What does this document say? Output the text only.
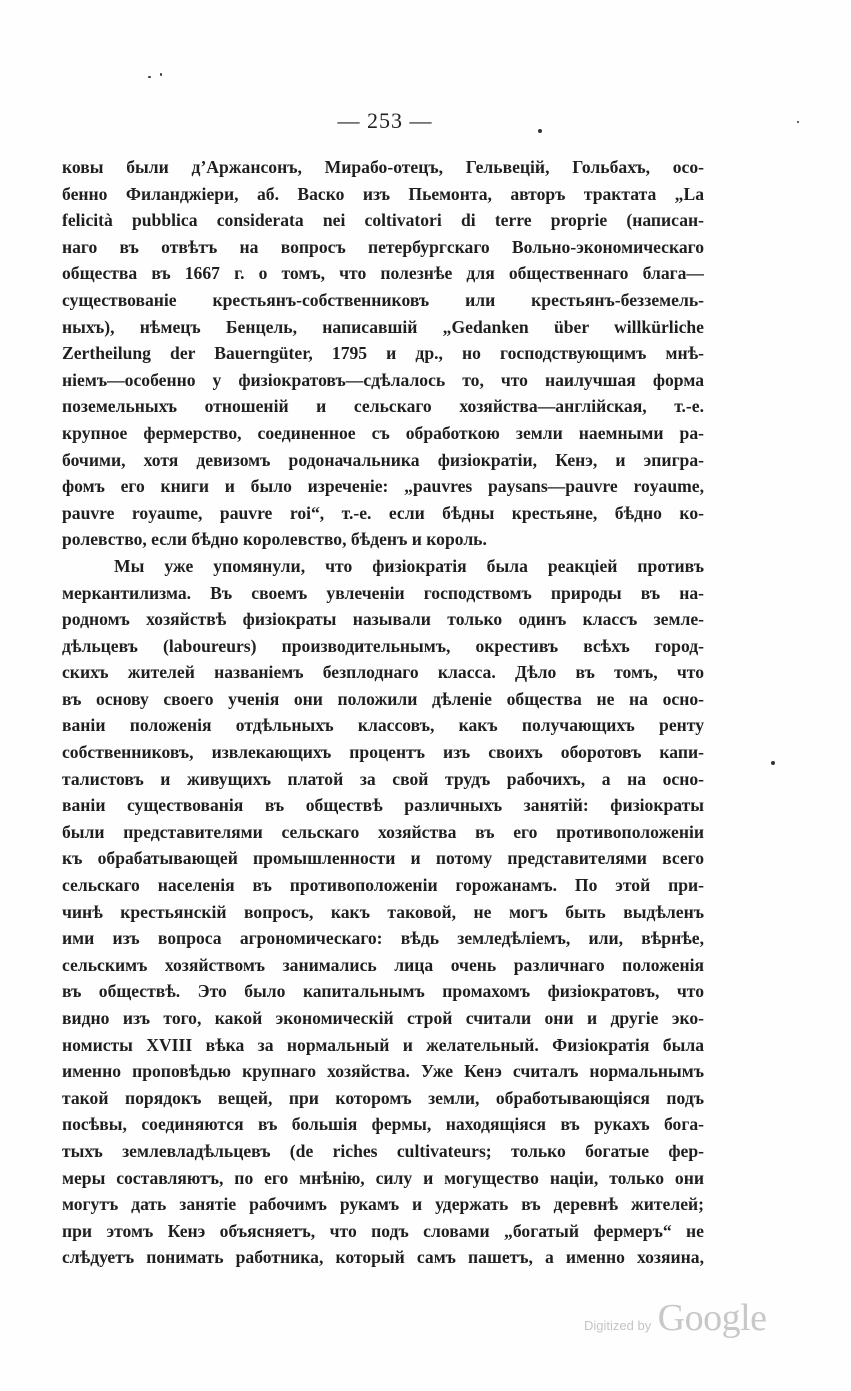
— 253 —
ковы были д’Аржансонъ, Мирабо-отецъ, Гельвецій, Гольбахъ, осо-
бенно Филанджіери, аб. Васко изъ Пьемонта, авторъ трактата „La
felicità pubblica considerata nei coltivatori di terre proprie (написан-
наго въ отвѣтъ на вопросъ петербургскаго Вольно-экономическаго
общества въ 1667 г. о томъ, что полезнѣе для общественнаго блага—
существованіе крестьянъ-собственниковъ или крестьянъ-безземель-
ныхъ), нѣмецъ Бенцель, написавшій „Gedanken über willkürliche
Zertheilung der Bauerngüter, 1795 и др., но господствующимъ мнѣ-
ніемъ—особенно у физіократовъ—сдѣлалось то, что наилучшая форма
поземельныхъ отношеній и сельскаго хозяйства—англійская, т.-е.
крупное фермерство, соединенное съ обработкою земли наемными ра-
бочими, хотя девизомъ родоначальника физіократіи, Кенэ, и эпигра-
фомъ его книги и было изреченіе: „pauvres paysans—pauvre royaume,
pauvre royaume, pauvre roi“, т.-е. если бѣдны крестьяне, бѣдно ко-
ролевство, если бѣдно королевство, бѣденъ и король.
Мы уже упомянули, что физіократія была реакціей противъ
меркантилизма. Въ своемъ увлеченіи господствомъ природы въ на-
родномъ хозяйствѣ физіократы называли только одинъ классъ земле-
дѣльцевъ (laboureurs) производительнымъ, окрестивъ всѣхъ город-
скихъ жителей названіемъ безплоднаго класса. Дѣло въ томъ, что
въ основу своего ученія они положили дѣленіе общества не на осно-
ваніи положенія отдѣльныхъ классовъ, какъ получающихъ ренту
собственниковъ, извлекающихъ процентъ изъ своихъ оборотовъ капи-
талистовъ и живущихъ платой за свой трудъ рабочихъ, а на осно-
ваніи существованія въ обществѣ различныхъ занятій: физіократы
были представителями сельскаго хозяйства въ его противоположеніи
къ обрабатывающей промышленности и потому представителями всего
сельскаго населенія въ противоположеніи горожанамъ. По этой при-
чинѣ крестьянскій вопросъ, какъ таковой, не могъ быть выдѣленъ
ими изъ вопроса агрономическаго: вѣдь земледѣліемъ, или, вѣрнѣе,
сельскимъ хозяйствомъ занимались лица очень различнаго положенія
въ обществѣ. Это было капитальнымъ промахомъ физіократовъ, что
видно изъ того, какой экономическій строй считали они и другіе эко-
номисты XVIII вѣка за нормальный и желательный. Физіократія была
именно проповѣдью крупнаго хозяйства. Уже Кенэ считалъ нормальнымъ
такой порядокъ вещей, при которомъ земли, обработывающіяся подъ
посѣвы, соединяются въ большія фермы, находящіяся въ рукахъ бога-
тыхъ землевладѣльцевъ (de riches cultivateurs; только богатые фер-
меры составляютъ, по его мнѣнію, силу и могущество націи, только они
могутъ дать занятіе рабочимъ рукамъ и удержать въ деревнѣ жителей;
при этомъ Кенэ объясняетъ, что подъ словами „богатый фермеръ“ не
слѣдуетъ понимать работника, который самъ пашетъ, а именно хозяина,
Digitized by Google
